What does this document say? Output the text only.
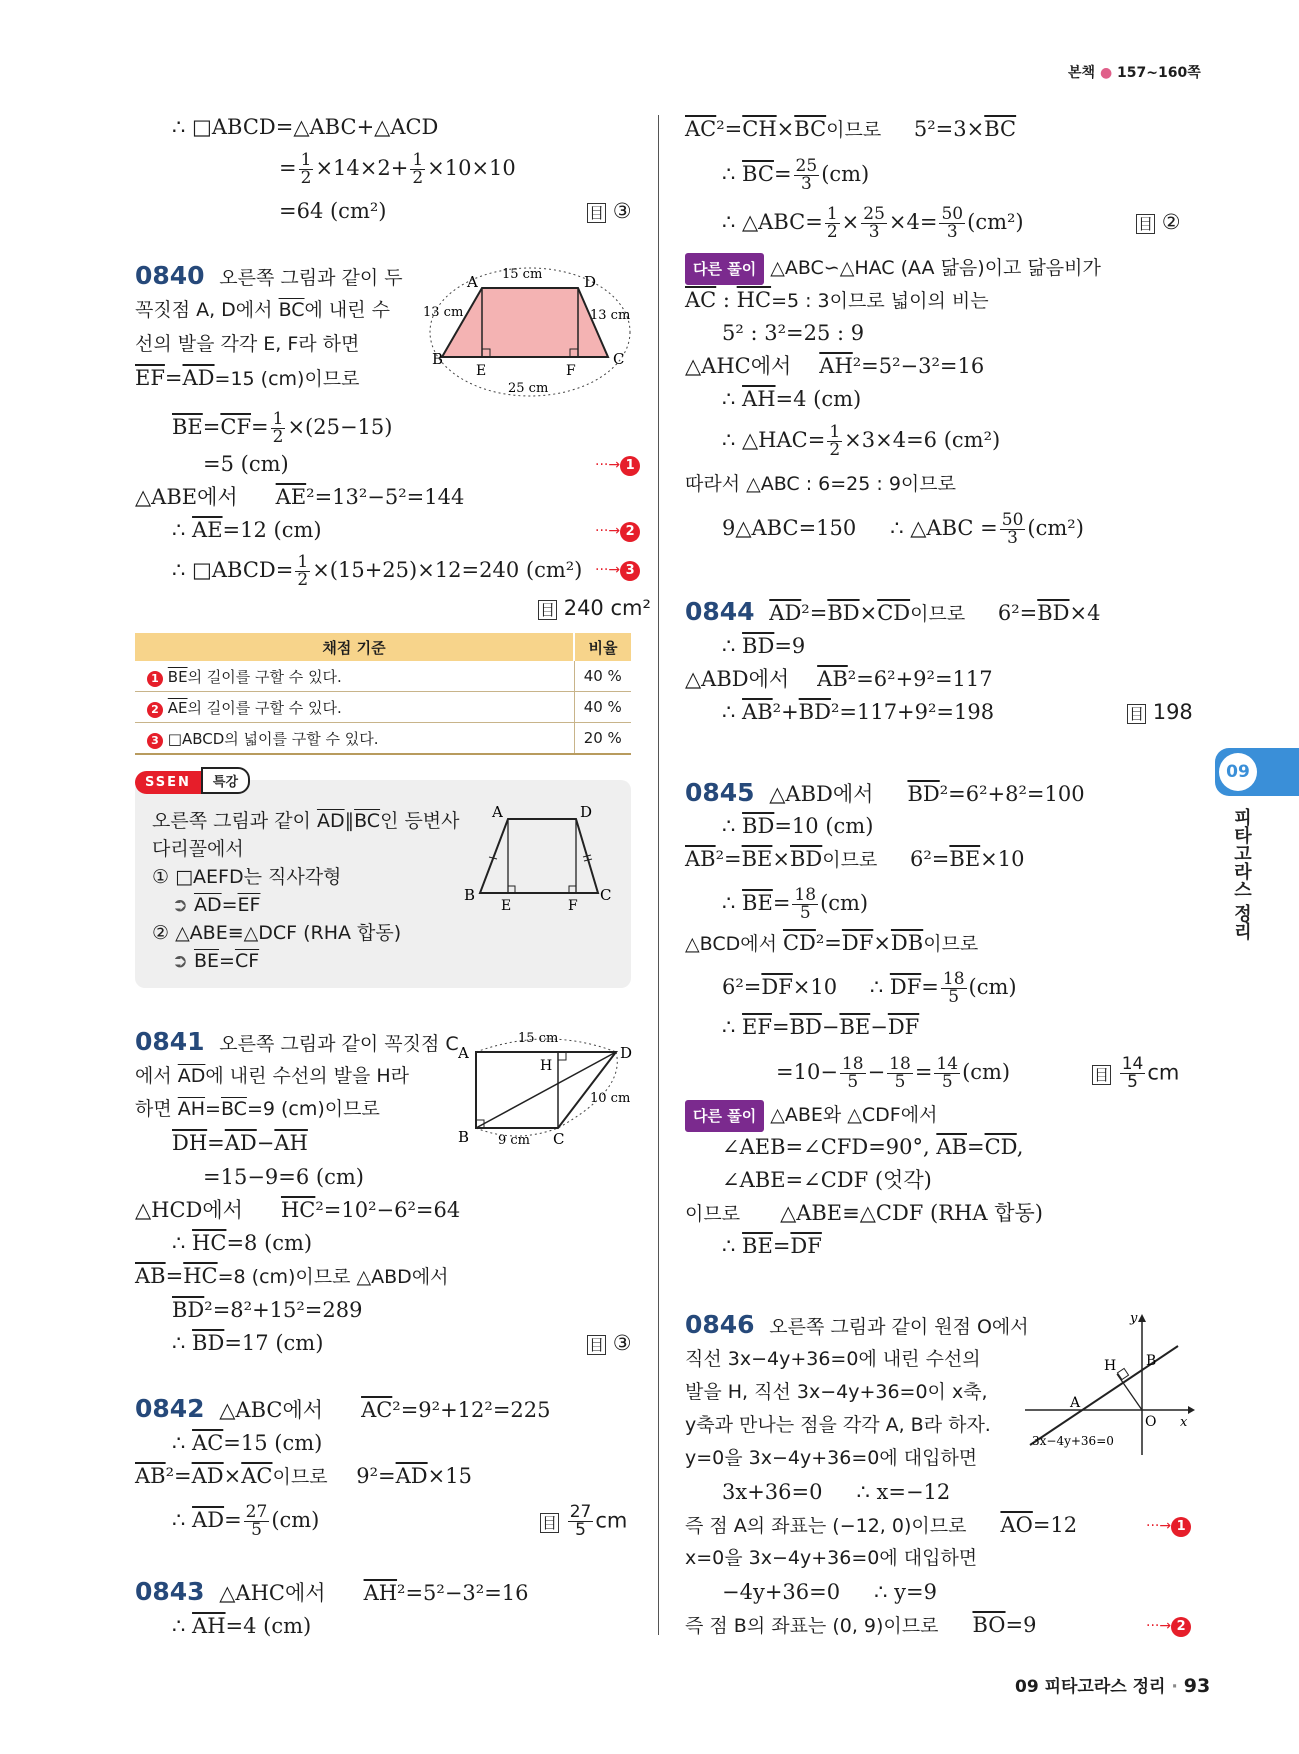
본책 ● 157~160쪽
09
피타고라스 정리
∴ □ABCD=△ABC+△ACD
= $\frac{1}{2} \times 14\times 2+ \frac{1}{2} \times 10\times 10$
=64 (cm²)	目 ③
0840 오른쪽 그림과 같이 두
꼭짓점 A, D에서 $\overline{BC}$에 내린 수
선의 발을 각각 E, F라 하면
$\overline{EF}=\overline{AD}=15$ (cm)이므로
A	D
B	C
E	F
15 cm
13 cm	13 cm
25 cm
$\overline{BE}=\overline{CF}= \frac{1}{2} \times(25-15)$
=5 (cm)	···→ 1
△ABE에서 $\overline{AE}^2=13^2-5^2=144$
∴ $\overline{AE}=12$ (cm)	···→ 2
∴ □ABCD= $\frac{1}{2} \times(15+25)\times 12=240$ (cm²) ···→ 3
目 240 cm²
채점 기준	비율
1 $\overline{BE}$의 길이를 구할 수 있다.	40 %
2 $\overline{AE}$의 길이를 구할 수 있다.	40 %
3 □ABCD의 넓이를 구할 수 있다.	20 %
SSEN 특강
오른쪽 그림과 같이 $\overline{AD}\parallel\overline{BC}$인 등변사
다리꼴에서
① □AEFD는 직사각형
➲ $\overline{AD}=\overline{EF}$
② △ABE≡△DCF (RHA 합동)
➲ $\overline{BE}=\overline{CF}$
A	D
B	C
E	F
0841 오른쪽 그림과 같이 꼭짓점 C
에서 $\overline{AD}$에 내린 수선의 발을 H라
하면 $\overline{AH}=\overline{BC}=9$ (cm)이므로
$\overline{DH}=\overline{AD}-\overline{AH}$
=15−9=6 (cm)
△HCD에서 $\overline{HC}^2=10^2-6^2=64$
∴ $\overline{HC}=8$ (cm)
$\overline{AB}=\overline{HC}=8$ (cm)이므로 △ABD에서
$\overline{BD}^2=8^2+15^2=289$
∴ $\overline{BD}=17$ (cm)	目 ③
A	D
B	C
H
15 cm
10 cm
9 cm
0842 △ABC에서 $\overline{AC}^2=9^2+12^2=225$
∴ $\overline{AC}=15$ (cm)
$\overline{AB}^2=\overline{AD}\times\overline{AC}$이므로 $9^2=\overline{AD}\times 15$
∴ $\overline{AD}= \frac{27}{5} (cm)$	目 $\frac{27}{5}$ cm
0843 △AHC에서 $\overline{AH}^2=5^2-3^2=16$
∴ $\overline{AH}=4$ (cm)
$\overline{AC}^2=\overline{CH}\times\overline{BC}$이므로 $5^2=3\times\overline{BC}$
∴ $\overline{BC}= \frac{25}{3} (cm)$
∴ △ABC= $\frac{1}{2} \times \frac{25}{3} \times 4= \frac{50}{3} (cm^2)$	目 ②
다른 풀이 △ABC∽△HAC (AA 닮음)이고 닮음비가
$\overline{AC}$ : $\overline{HC}=5$ : 3이므로 넓이의 비는
5² : 3²=25 : 9
△AHC에서 $\overline{AH}^2=5^2-3^2=16$
∴ $\overline{AH}=4$ (cm)
∴ △HAC= $\frac{1}{2} \times 3\times 4=6$ (cm²)
따라서 △ABC : 6=25 : 9이므로
9△ABC=150 ∴ △ABC = $\frac{50}{3} (cm^2)$
0844 $\overline{AD}^2=\overline{BD}\times\overline{CD}$이므로 $6^2=\overline{BD}\times 4$
∴ $\overline{BD}=9$
△ABD에서 $\overline{AB}^2=6^2+9^2=117$
∴ $\overline{AB}^2+\overline{BD}^2=117+9^2=198$	目 198
0845 △ABD에서 $\overline{BD}^2=6^2+8^2=100$
∴ $\overline{BD}=10$ (cm)
$\overline{AB}^2=\overline{BE}\times\overline{BD}$이므로 $6^2=\overline{BE}\times 10$
∴ $\overline{BE}= \frac{18}{5} (cm)$
△BCD에서 $\overline{CD}^2=\overline{DF}\times\overline{DB}$이므로
$6^2=\overline{DF}\times 10$ ∴ $\overline{DF}= \frac{18}{5} (cm)$
∴ $\overline{EF}=\overline{BD}-\overline{BE}-\overline{DF}$
$=10- \frac{18}{5} - \frac{18}{5} = \frac{14}{5} (cm)$	目 $\frac{14}{5}$ cm
다른 풀이 △ABE와 △CDF에서
∠AEB=∠CFD=90°, $\overline{AB}=\overline{CD}$,
∠ABE=∠CDF (엇각)
이므로 △ABE≡△CDF (RHA 합동)
∴ $\overline{BE}=\overline{DF}$
0846 오른쪽 그림과 같이 원점 O에서
직선 3x−4y+36=0에 내린 수선의
발을 H, 직선 3x−4y+36=0이 x축,
y축과 만나는 점을 각각 A, B라 하자.
y=0을 3x−4y+36=0에 대입하면
3x+36=0 ∴ x=−12
즉 점 A의 좌표는 (−12, 0)이므로 $\overline{AO}=12$	···→ 1
x=0을 3x−4y+36=0에 대입하면
−4y+36=0 ∴ y=9
즉 점 B의 좌표는 (0, 9)이므로 $\overline{BO}=9$	···→ 2
y
x
H B
A
O
3x−4y+36=0
09 피타고라스 정리 · 93
